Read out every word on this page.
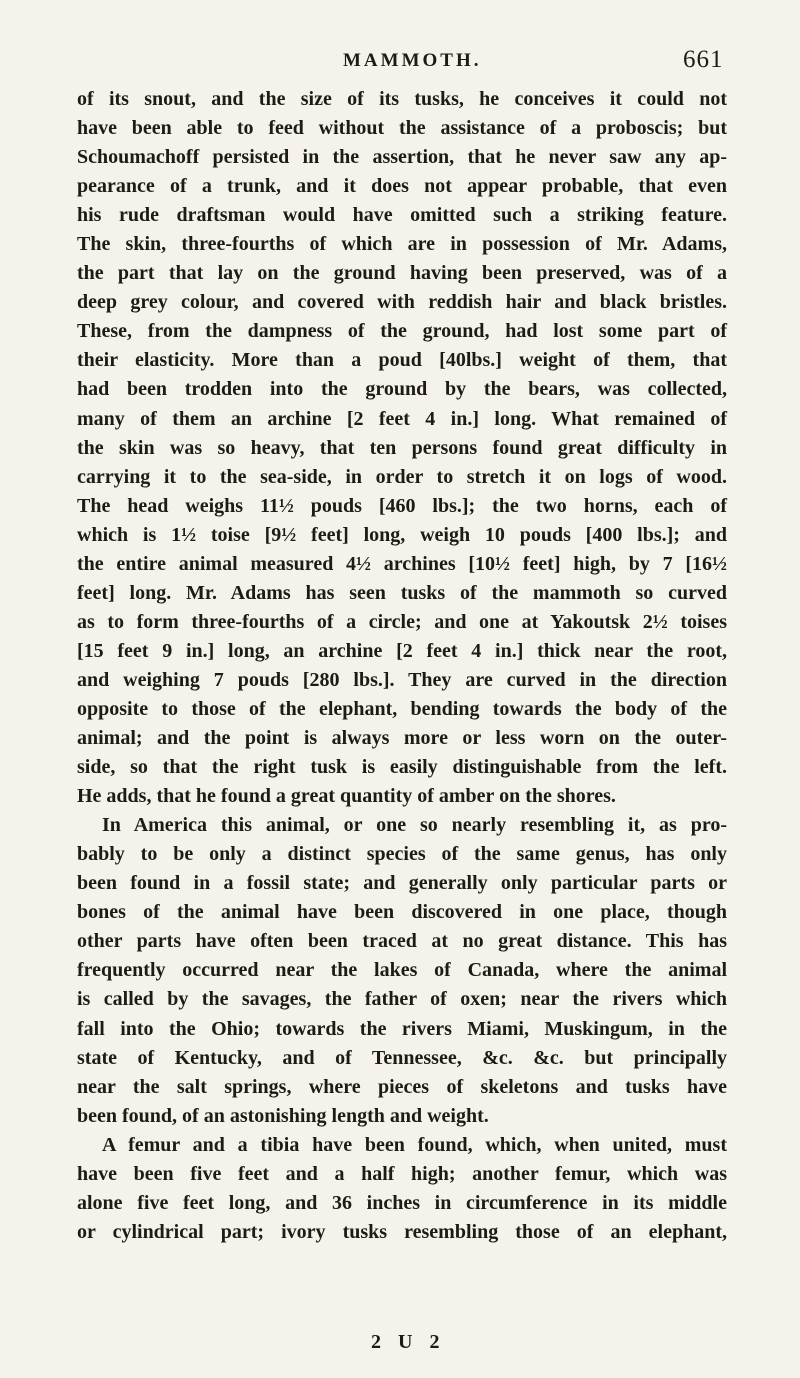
MAMMOTH.	661
of its snout, and the size of its tusks, he conceives it could not
have been able to feed without the assistance of a proboscis; but
Schoumachoff persisted in the assertion, that he never saw any ap-
pearance of a trunk, and it does not appear probable, that even
his rude draftsman would have omitted such a striking feature.
The skin, three-fourths of which are in possession of Mr. Adams,
the part that lay on the ground having been preserved, was of a
deep grey colour, and covered with reddish hair and black bristles.
These, from the dampness of the ground, had lost some part of
their elasticity. More than a poud [40lbs.] weight of them, that
had been trodden into the ground by the bears, was collected,
many of them an archine [2 feet 4 in.] long. What remained of
the skin was so heavy, that ten persons found great difficulty in
carrying it to the sea-side, in order to stretch it on logs of wood.
The head weighs 11½ pouds [460 lbs.]; the two horns, each of
which is 1½ toise [9½ feet] long, weigh 10 pouds [400 lbs.]; and
the entire animal measured 4½ archines [10½ feet] high, by 7 [16½
feet] long. Mr. Adams has seen tusks of the mammoth so curved
as to form three-fourths of a circle; and one at Yakoutsk 2½ toises
[15 feet 9 in.] long, an archine [2 feet 4 in.] thick near the root,
and weighing 7 pouds [280 lbs.]. They are curved in the direction
opposite to those of the elephant, bending towards the body of the
animal; and the point is always more or less worn on the outer-
side, so that the right tusk is easily distinguishable from the left.
He adds, that he found a great quantity of amber on the shores.
In America this animal, or one so nearly resembling it, as pro-
bably to be only a distinct species of the same genus, has only
been found in a fossil state; and generally only particular parts or
bones of the animal have been discovered in one place, though
other parts have often been traced at no great distance. This has
frequently occurred near the lakes of Canada, where the animal
is called by the savages, the father of oxen; near the rivers which
fall into the Ohio; towards the rivers Miami, Muskingum, in the
state of Kentucky, and of Tennessee, &c. &c. but principally
near the salt springs, where pieces of skeletons and tusks have
been found, of an astonishing length and weight.
A femur and a tibia have been found, which, when united, must
have been five feet and a half high; another femur, which was
alone five feet long, and 36 inches in circumference in its middle
or cylindrical part; ivory tusks resembling those of an elephant,
2 U 2
